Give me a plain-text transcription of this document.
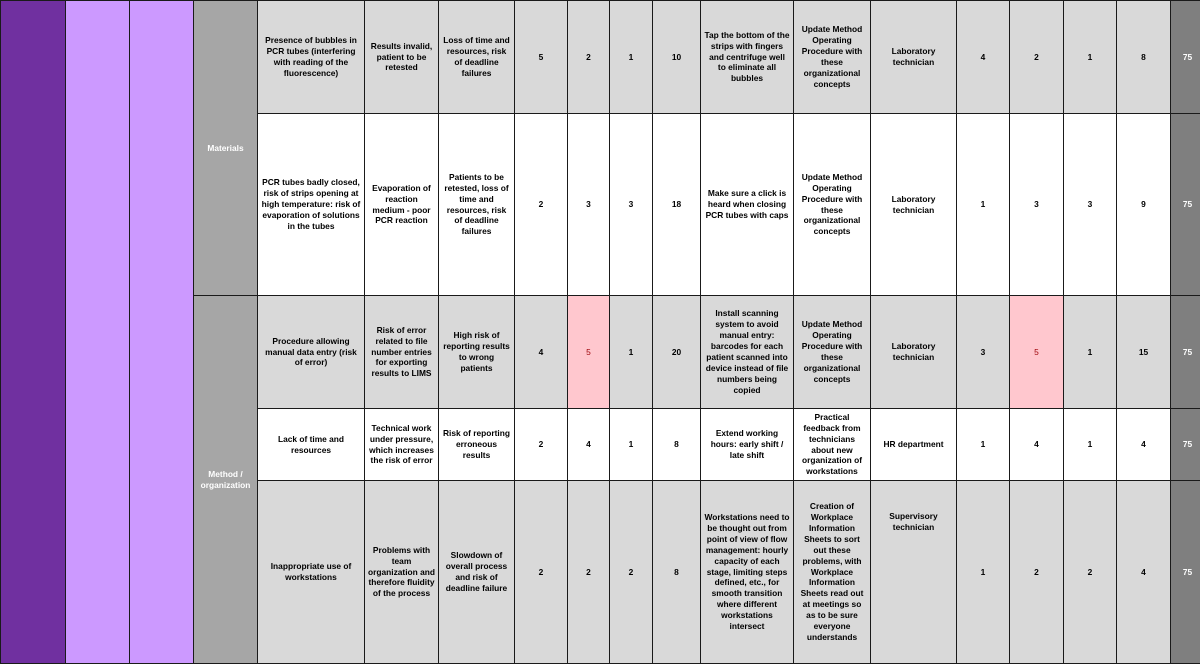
			Materials	Presence of bubbles in PCR tubes (interfering with reading of the fluorescence)	Results invalid, patient to be retested	Loss of time and resources, risk of deadline failures	5	2	1	10	Tap the bottom of the strips with fingers and centrifuge well to eliminate all bubbles	Update Method Operating Procedure with these organizational concepts	Laboratory technician	4	2	1	8	75
				PCR tubes badly closed, risk of strips opening at high temperature: risk of evaporation of solutions in the tubes	Evaporation of reaction medium - poor PCR reaction	Patients to be retested, loss of time and resources, risk of deadline failures	2	3	3	18	Make sure a click is heard when closing PCR tubes with caps	Update Method Operating Procedure with these organizational concepts	Laboratory technician	1	3	3	9	75
			Method / organization	Procedure allowing manual data entry (risk of error)	Risk of error related to file number entries for exporting results to LIMS	High risk of reporting results to wrong patients	4	5	1	20	Install scanning system to avoid manual entry: barcodes for each patient scanned into device instead of file numbers being copied	Update Method Operating Procedure with these organizational concepts	Laboratory technician	3	5	1	15	75
				Lack of time and resources	Technical work under pressure, which increases the risk of error	Risk of reporting erroneous results	2	4	1	8	Extend working hours: early shift / late shift	Practical feedback from technicians about new organization of workstations	HR department	1	4	1	4	75
				Inappropriate use of workstations	Problems with team organization and therefore fluidity of the process	Slowdown of overall process and risk of deadline failure	2	2	2	8	Workstations need to be thought out from point of view of flow management: hourly capacity of each stage, limiting steps defined, etc., for smooth transition where different workstations intersect	Creation of Workplace Information Sheets to sort out these problems, with Workplace Information Sheets read out at meetings so as to be sure everyone understands	Supervisory technician	1	2	2	4	75
